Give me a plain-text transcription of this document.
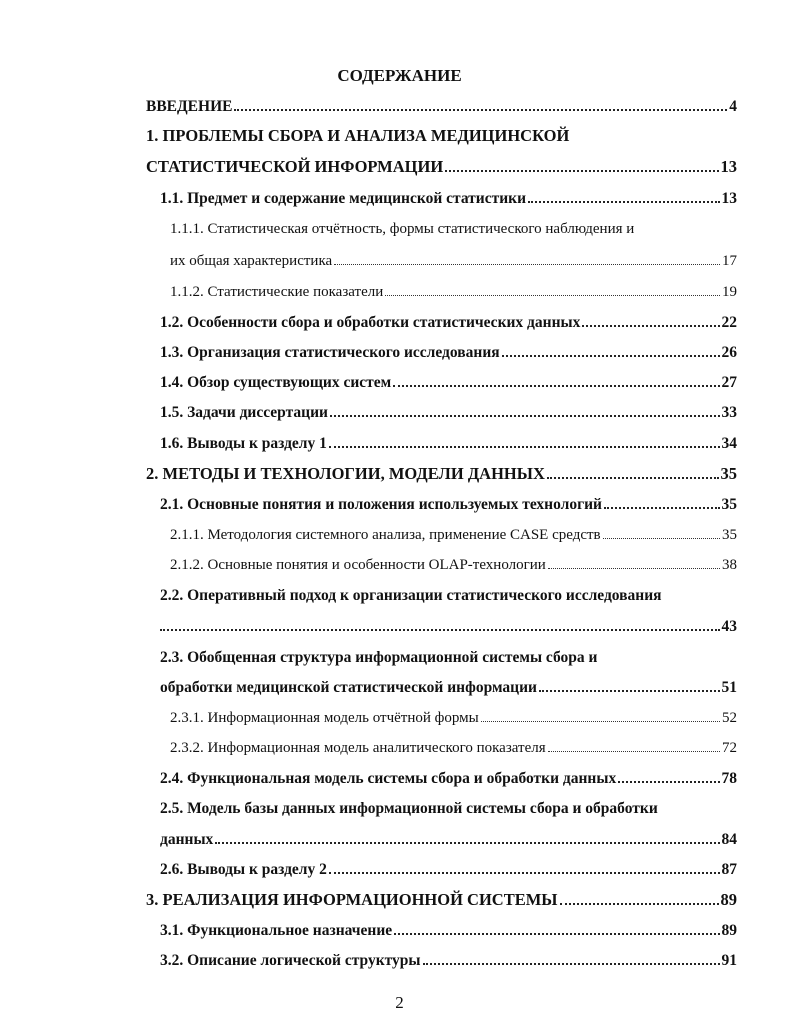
СОДЕРЖАНИЕ
ВВЕДЕНИЕ	4
1. ПРОБЛЕМЫ СБОРА И АНАЛИЗА МЕДИЦИНСКОЙ
СТАТИСТИЧЕСКОЙ ИНФОРМАЦИИ	13
1.1. Предмет и содержание медицинской статистики	13
1.1.1. Статистическая отчётность, формы статистического наблюдения и
их общая характеристика	17
1.1.2. Статистические показатели	19
1.2. Особенности сбора и обработки статистических данных	22
1.3. Организация статистического исследования	26
1.4. Обзор существующих систем	27
1.5. Задачи диссертации	33
1.6. Выводы к разделу 1	34
2. МЕТОДЫ И ТЕХНОЛОГИИ, МОДЕЛИ ДАННЫХ	35
2.1. Основные понятия и положения используемых технологий	35
2.1.1. Методология системного анализа, применение CASE средств	35
2.1.2. Основные понятия и особенности OLAP-технологии	38
2.2. Оперативный подход к организации статистического исследования
43
2.3. Обобщенная структура информационной системы сбора и
обработки медицинской статистической информации	51
2.3.1. Информационная модель отчётной формы	52
2.3.2. Информационная модель аналитического показателя	72
2.4. Функциональная модель системы сбора и обработки данных	78
2.5. Модель базы данных информационной системы сбора и обработки
данных	84
2.6. Выводы к разделу 2	87
3. РЕАЛИЗАЦИЯ ИНФОРМАЦИОННОЙ СИСТЕМЫ	89
3.1. Функциональное назначение	89
3.2. Описание логической структуры	91
2
